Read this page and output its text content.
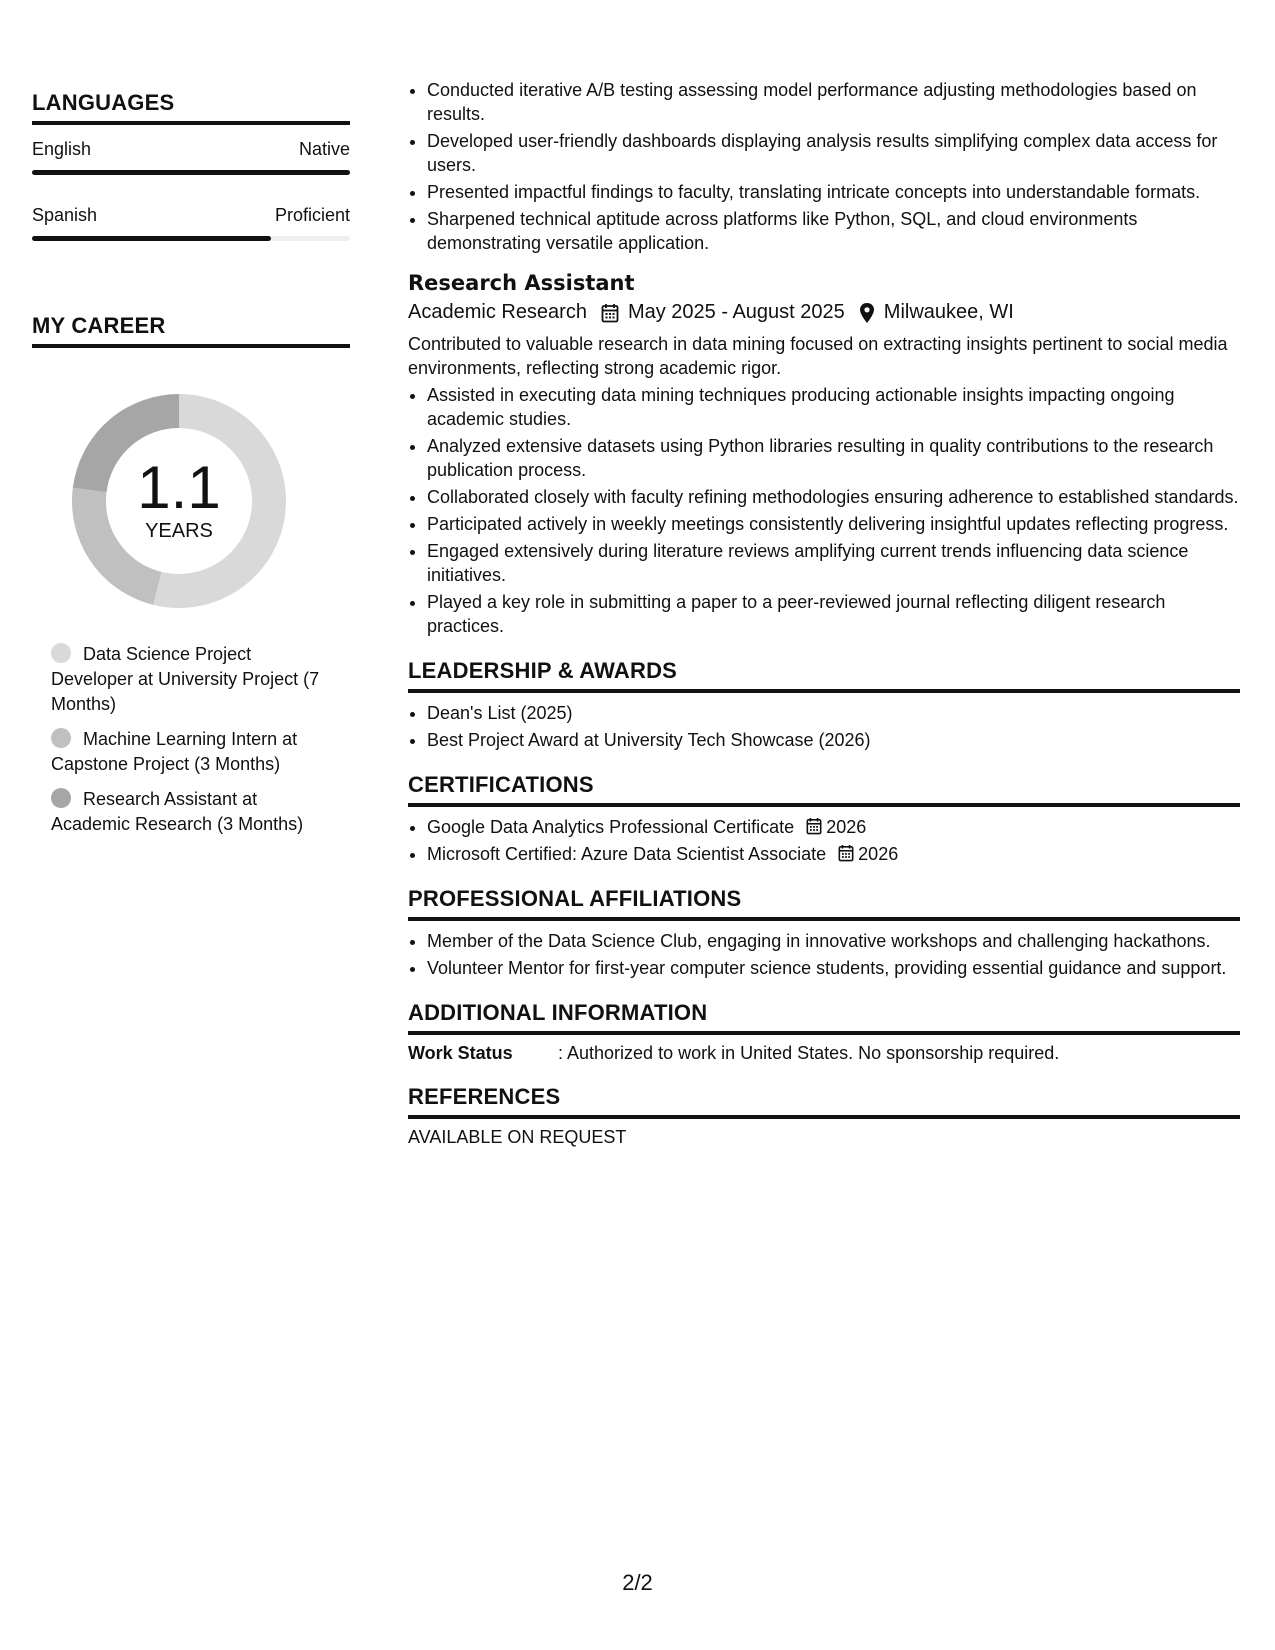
LANGUAGES
English	Native
Spanish	Proficient
MY CAREER
1.1
YEARS
Data Science Project Developer at University Project (7 Months)
Machine Learning Intern at Capstone Project (3 Months)
Research Assistant at Academic Research (3 Months)
• Conducted iterative A/B testing assessing model performance adjusting methodologies based on results.
• Developed user-friendly dashboards displaying analysis results simplifying complex data access for users.
• Presented impactful findings to faculty, translating intricate concepts into understandable formats.
• Sharpened technical aptitude across platforms like Python, SQL, and cloud environments demonstrating versatile application.
Research Assistant
Academic Research May 2025 - August 2025 Milwaukee, WI
Contributed to valuable research in data mining focused on extracting insights pertinent to social media environments, reflecting strong academic rigor.
• Assisted in executing data mining techniques producing actionable insights impacting ongoing academic studies.
• Analyzed extensive datasets using Python libraries resulting in quality contributions to the research publication process.
• Collaborated closely with faculty refining methodologies ensuring adherence to established standards.
• Participated actively in weekly meetings consistently delivering insightful updates reflecting progress.
• Engaged extensively during literature reviews amplifying current trends influencing data science initiatives.
• Played a key role in submitting a paper to a peer-reviewed journal reflecting diligent research practices.
LEADERSHIP & AWARDS
• Dean's List (2025)
• Best Project Award at University Tech Showcase (2026)
CERTIFICATIONS
• Google Data Analytics Professional Certificate 2026
• Microsoft Certified: Azure Data Scientist Associate 2026
PROFESSIONAL AFFILIATIONS
• Member of the Data Science Club, engaging in innovative workshops and challenging hackathons.
• Volunteer Mentor for first-year computer science students, providing essential guidance and support.
ADDITIONAL INFORMATION
Work Status	: Authorized to work in United States. No sponsorship required.
REFERENCES
AVAILABLE ON REQUEST
2/2
